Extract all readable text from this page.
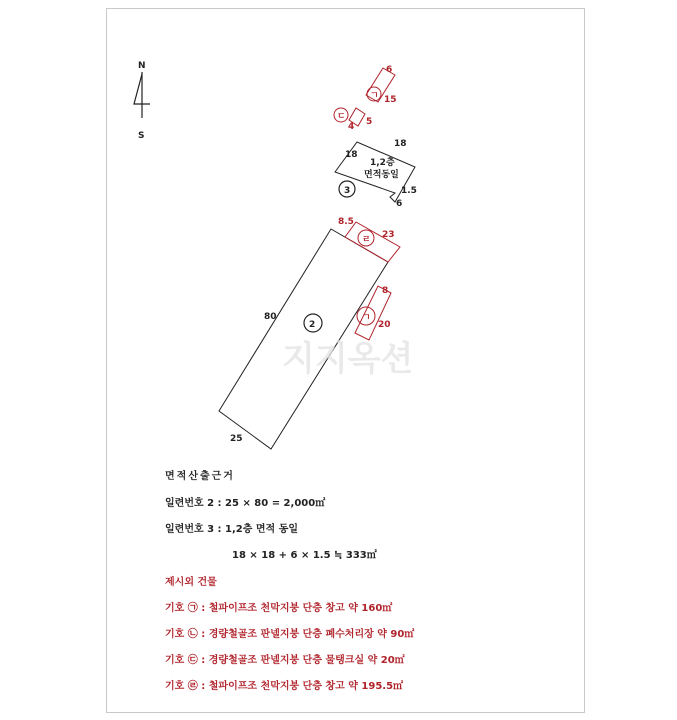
N
S
ㄱ
6
15
ㄷ
4 5
18
18
1,2층
면적동일
3	1.5
6
80
25
2
ㄹ
8.5
23
ㄱ
8
20
지지옥션
면적산출근거
일련번호 2 : 25 × 80 = 2,000㎡
일련번호 3 : 1,2층 면적 동일
18 × 18 + 6 × 1.5 ≒ 333㎡
제시외 건물
기호 ㉠ : 철파이프조 천막지붕 단층 창고 약 160㎡
기호 ㉡ : 경량철골조 판넬지붕 단층 폐수처리장 약 90㎡
기호 ㉢ : 경량철골조 판넬지붕 단층 물탱크실 약 20㎡
기호 ㉣ : 철파이프조 천막지붕 단층 창고 약 195.5㎡
